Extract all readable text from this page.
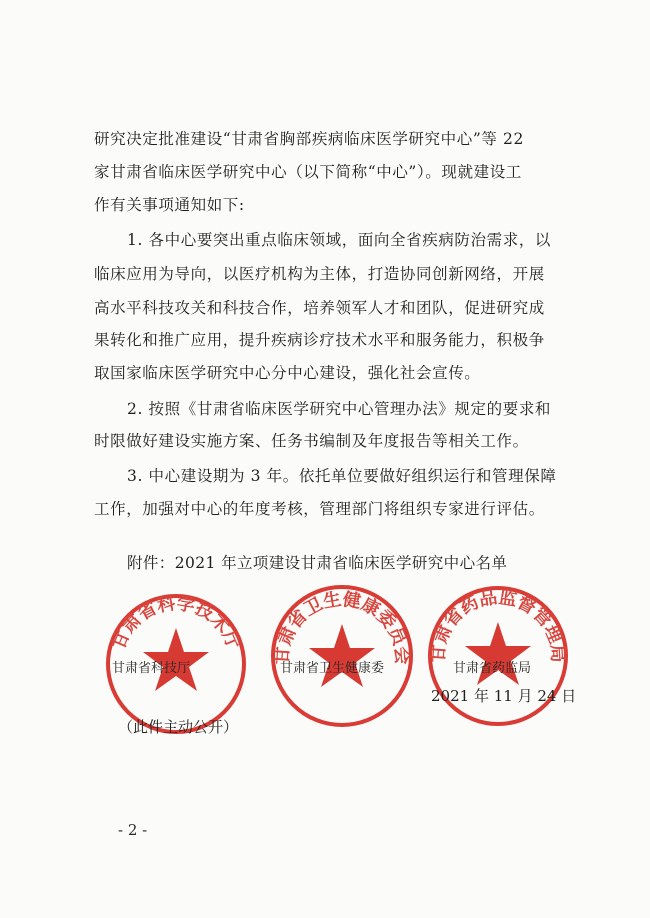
研究决定批准建设“甘肃省胸部疾病临床医学研究中心”等 22
家甘肃省临床医学研究中心（以下简称“中心”）。现就建设工
作有关事项通知如下:
1. 各中心要突出重点临床领域，面向全省疾病防治需求，以
临床应用为导向，以医疗机构为主体，打造协同创新网络，开展
高水平科技攻关和科技合作，培养领军人才和团队，促进研究成
果转化和推广应用，提升疾病诊疗技术水平和服务能力，积极争
取国家临床医学研究中心分中心建设，强化社会宣传。
2. 按照《甘肃省临床医学研究中心管理办法》规定的要求和
时限做好建设实施方案、任务书编制及年度报告等相关工作。
3. 中心建设期为 3 年。依托单位要做好组织运行和管理保障
工作，加强对中心的年度考核，管理部门将组织专家进行评估。
附件：2021 年立项建设甘肃省临床医学研究中心名单
甘肃省科学技术厅
甘肃省科技厅
甘肃省卫生健康委员会
甘肃省卫生健康委
甘肃省药品监督管理局
甘肃省药监局
2021 年 11 月 24 日
（此件主动公开）
- 2 -
